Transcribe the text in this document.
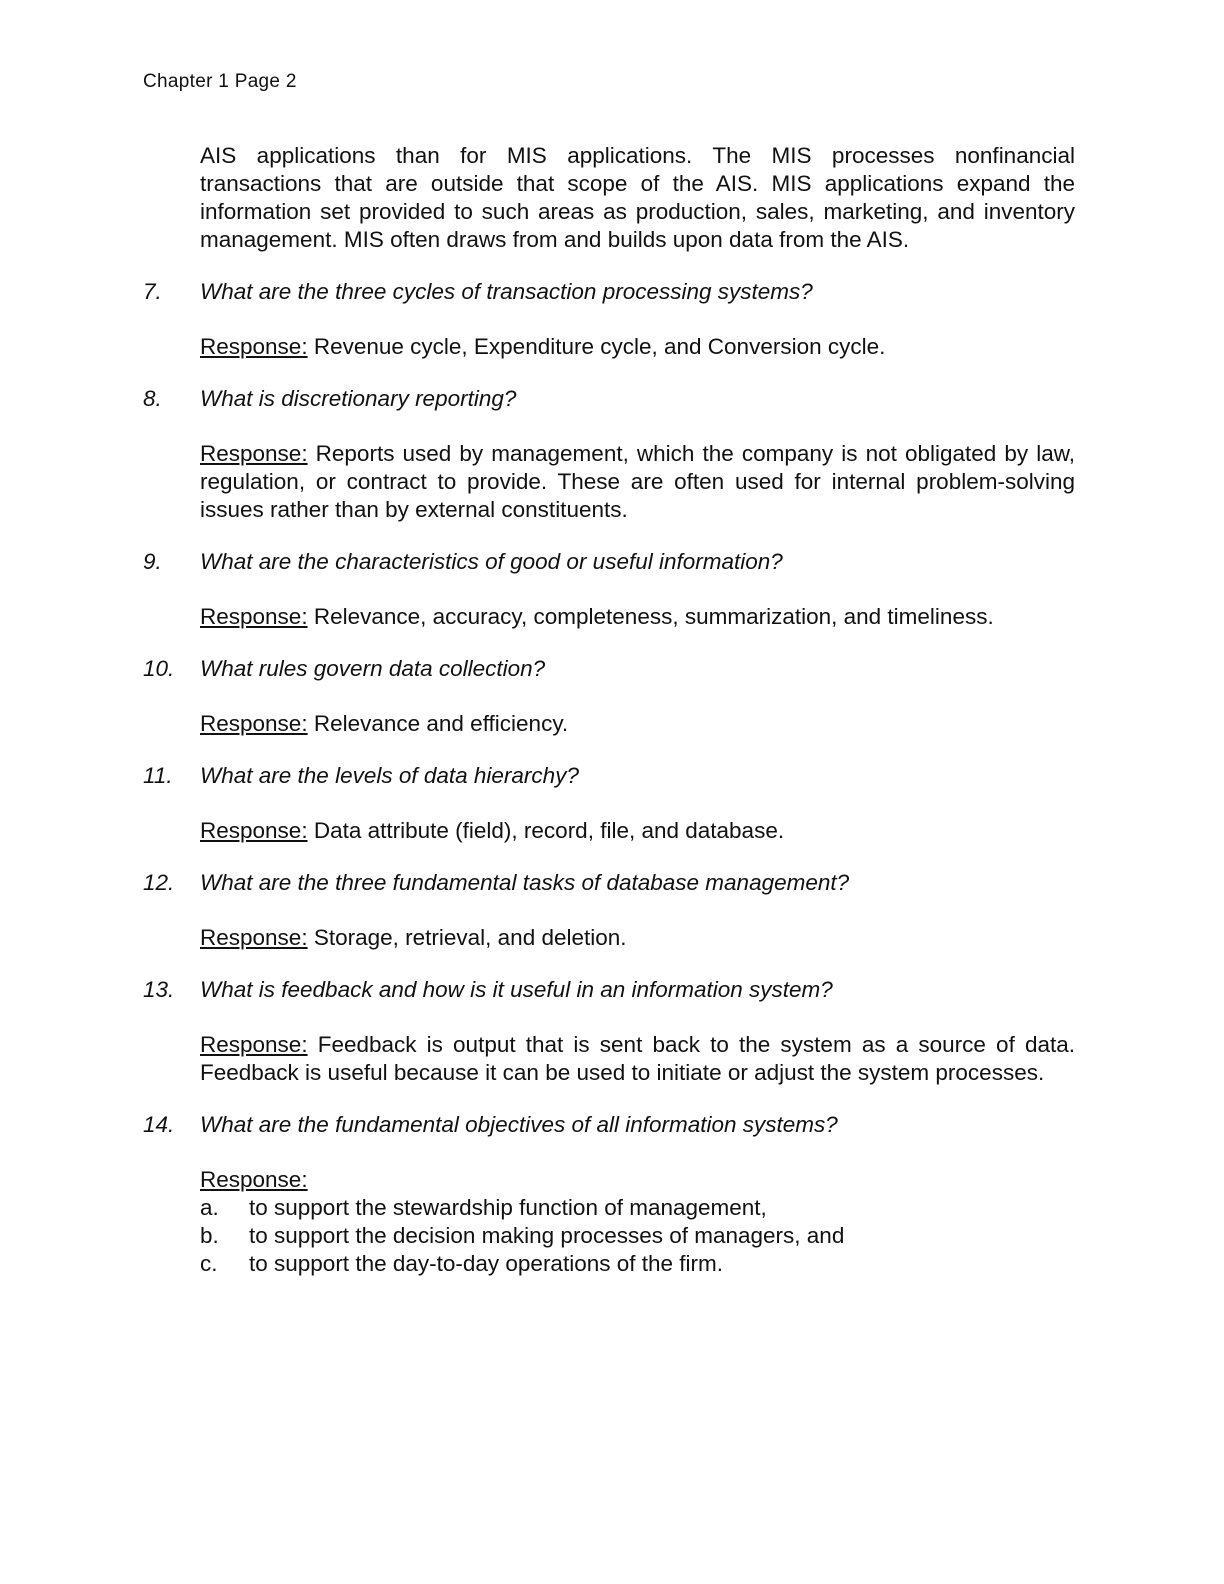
Chapter 1 Page 2

AIS applications than for MIS applications. The MIS processes nonfinancial transactions that are outside that scope of the AIS. MIS applications expand the information set provided to such areas as production, sales, marketing, and inventory management. MIS often draws from and builds upon data from the AIS.

7.	What are the three cycles of transaction processing systems?

Response: Revenue cycle, Expenditure cycle, and Conversion cycle.

8.	What is discretionary reporting?

Response: Reports used by management, which the company is not obligated by law, regulation, or contract to provide. These are often used for internal problem-solving issues rather than by external constituents.

9.	What are the characteristics of good or useful information?

Response: Relevance, accuracy, completeness, summarization, and timeliness.

10.	What rules govern data collection?

Response: Relevance and efficiency.

11.	What are the levels of data hierarchy?

Response: Data attribute (field), record, file, and database.

12.	What are the three fundamental tasks of database management?

Response: Storage, retrieval, and deletion.

13.	What is feedback and how is it useful in an information system?

Response: Feedback is output that is sent back to the system as a source of data. Feedback is useful because it can be used to initiate or adjust the system processes.

14.	What are the fundamental objectives of all information systems?

Response:

a.	to support the stewardship function of management,
b.	to support the decision making processes of managers, and
c.	to support the day-to-day operations of the firm.
